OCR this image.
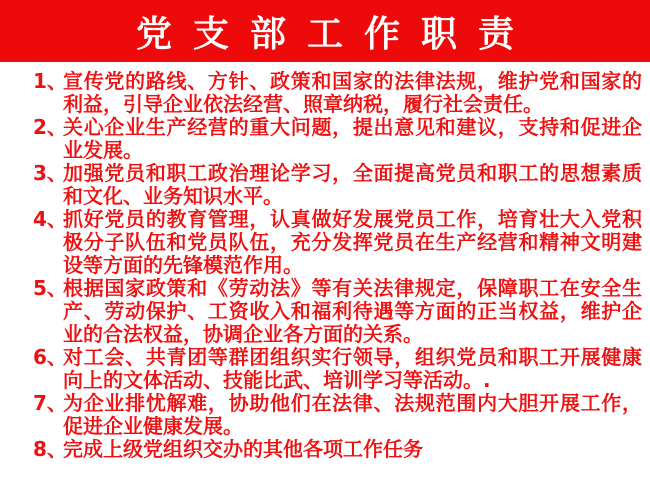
党支部工作职责
1、
宣传党的路线、方针、政策和国家的法律法规，维护党和国家的利益，引导企业依法经营、照章纳税，履行社会责任。
2、
关心企业生产经营的重大问题，提出意见和建议，支持和促进企业发展。
3、
加强党员和职工政治理论学习，全面提高党员和职工的思想素质和文化、业务知识水平。
4、
抓好党员的教育管理，认真做好发展党员工作，培育壮大入党积极分子队伍和党员队伍，充分发挥党员在生产经营和精神文明建设等方面的先锋模范作用。
5、
根据国家政策和《劳动法》等有关法律规定，保障职工在安全生产、劳动保护、工资收入和福利待遇等方面的正当权益，维护企业的合法权益，协调企业各方面的关系。
6、
对工会、共青团等群团组织实行领导，组织党员和职工开展健康向上的文体活动、技能比武、培训学习等活动。.
7、
为企业排忧解难，协助他们在法律、法规范围内大胆开展工作，促进企业健康发展。
8、
完成上级党组织交办的其他各项工作任务
